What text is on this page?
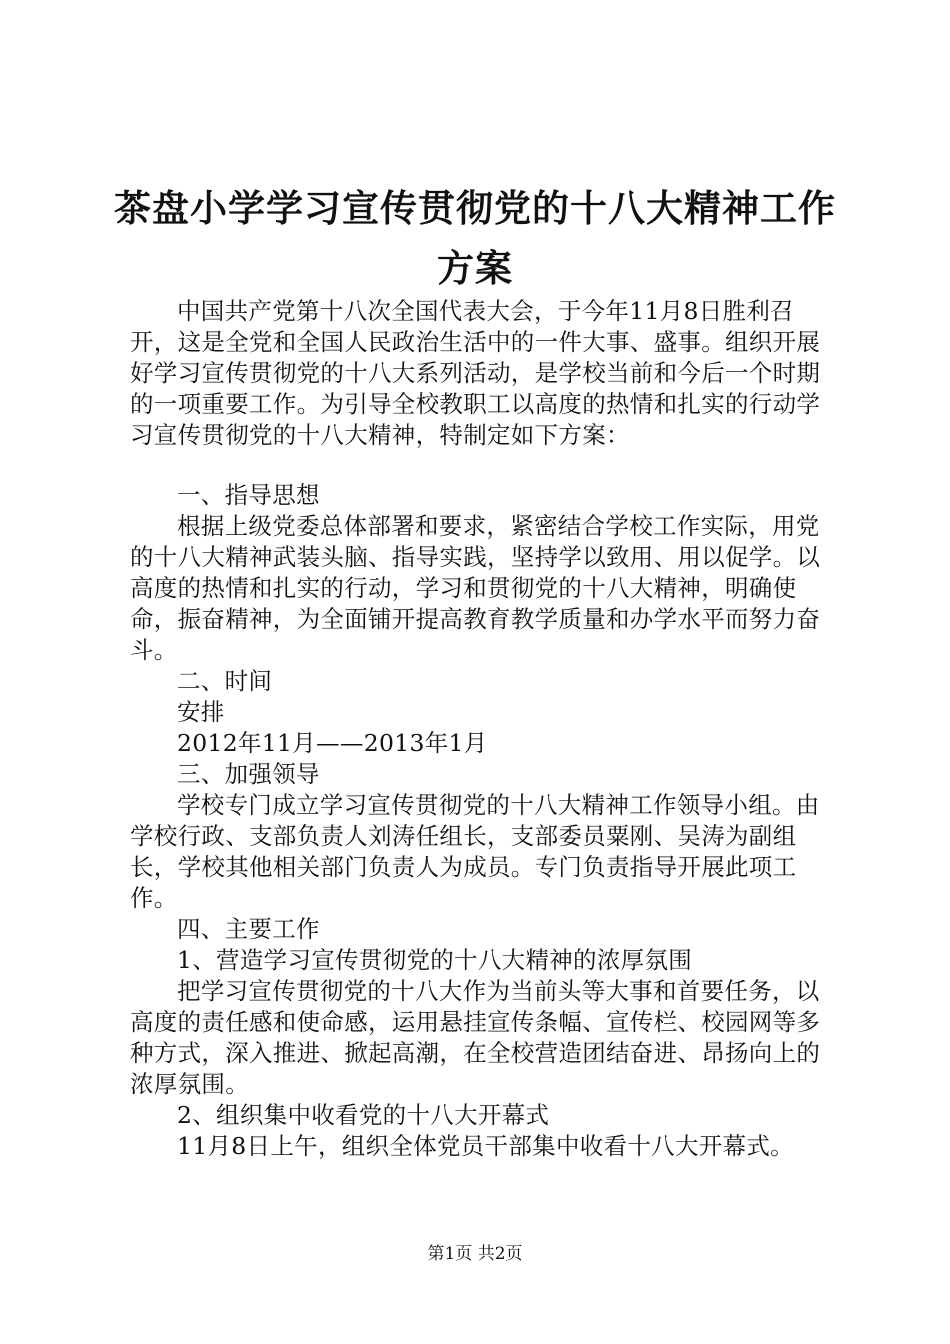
茶盘小学学习宣传贯彻党的十八大精神工作方案

中国共产党第十八次全国代表大会，于今年11月8日胜利召开，这是全党和全国人民政治生活中的一件大事、盛事。组织开展好学习宣传贯彻党的十八大系列活动，是学校当前和今后一个时期的一项重要工作。为引导全校教职工以高度的热情和扎实的行动学习宣传贯彻党的十八大精神，特制定如下方案：

一、指导思想

根据上级党委总体部署和要求，紧密结合学校工作实际，用党的十八大精神武装头脑、指导实践，坚持学以致用、用以促学。以高度的热情和扎实的行动，学习和贯彻党的十八大精神，明确使命，振奋精神，为全面铺开提高教育教学质量和办学水平而努力奋斗。

二、时间

安排

2012年11月——2013年1月

三、加强领导

学校专门成立学习宣传贯彻党的十八大精神工作领导小组。由学校行政、支部负责人刘涛任组长，支部委员粟刚、吴涛为副组长，学校其他相关部门负责人为成员。专门负责指导开展此项工作。

四、主要工作

1、营造学习宣传贯彻党的十八大精神的浓厚氛围

把学习宣传贯彻党的十八大作为当前头等大事和首要任务，以高度的责任感和使命感，运用悬挂宣传条幅、宣传栏、校园网等多种方式，深入推进、掀起高潮，在全校营造团结奋进、昂扬向上的浓厚氛围。

2、组织集中收看党的十八大开幕式

11月8日上午，组织全体党员干部集中收看十八大开幕式。

第1页 共2页
